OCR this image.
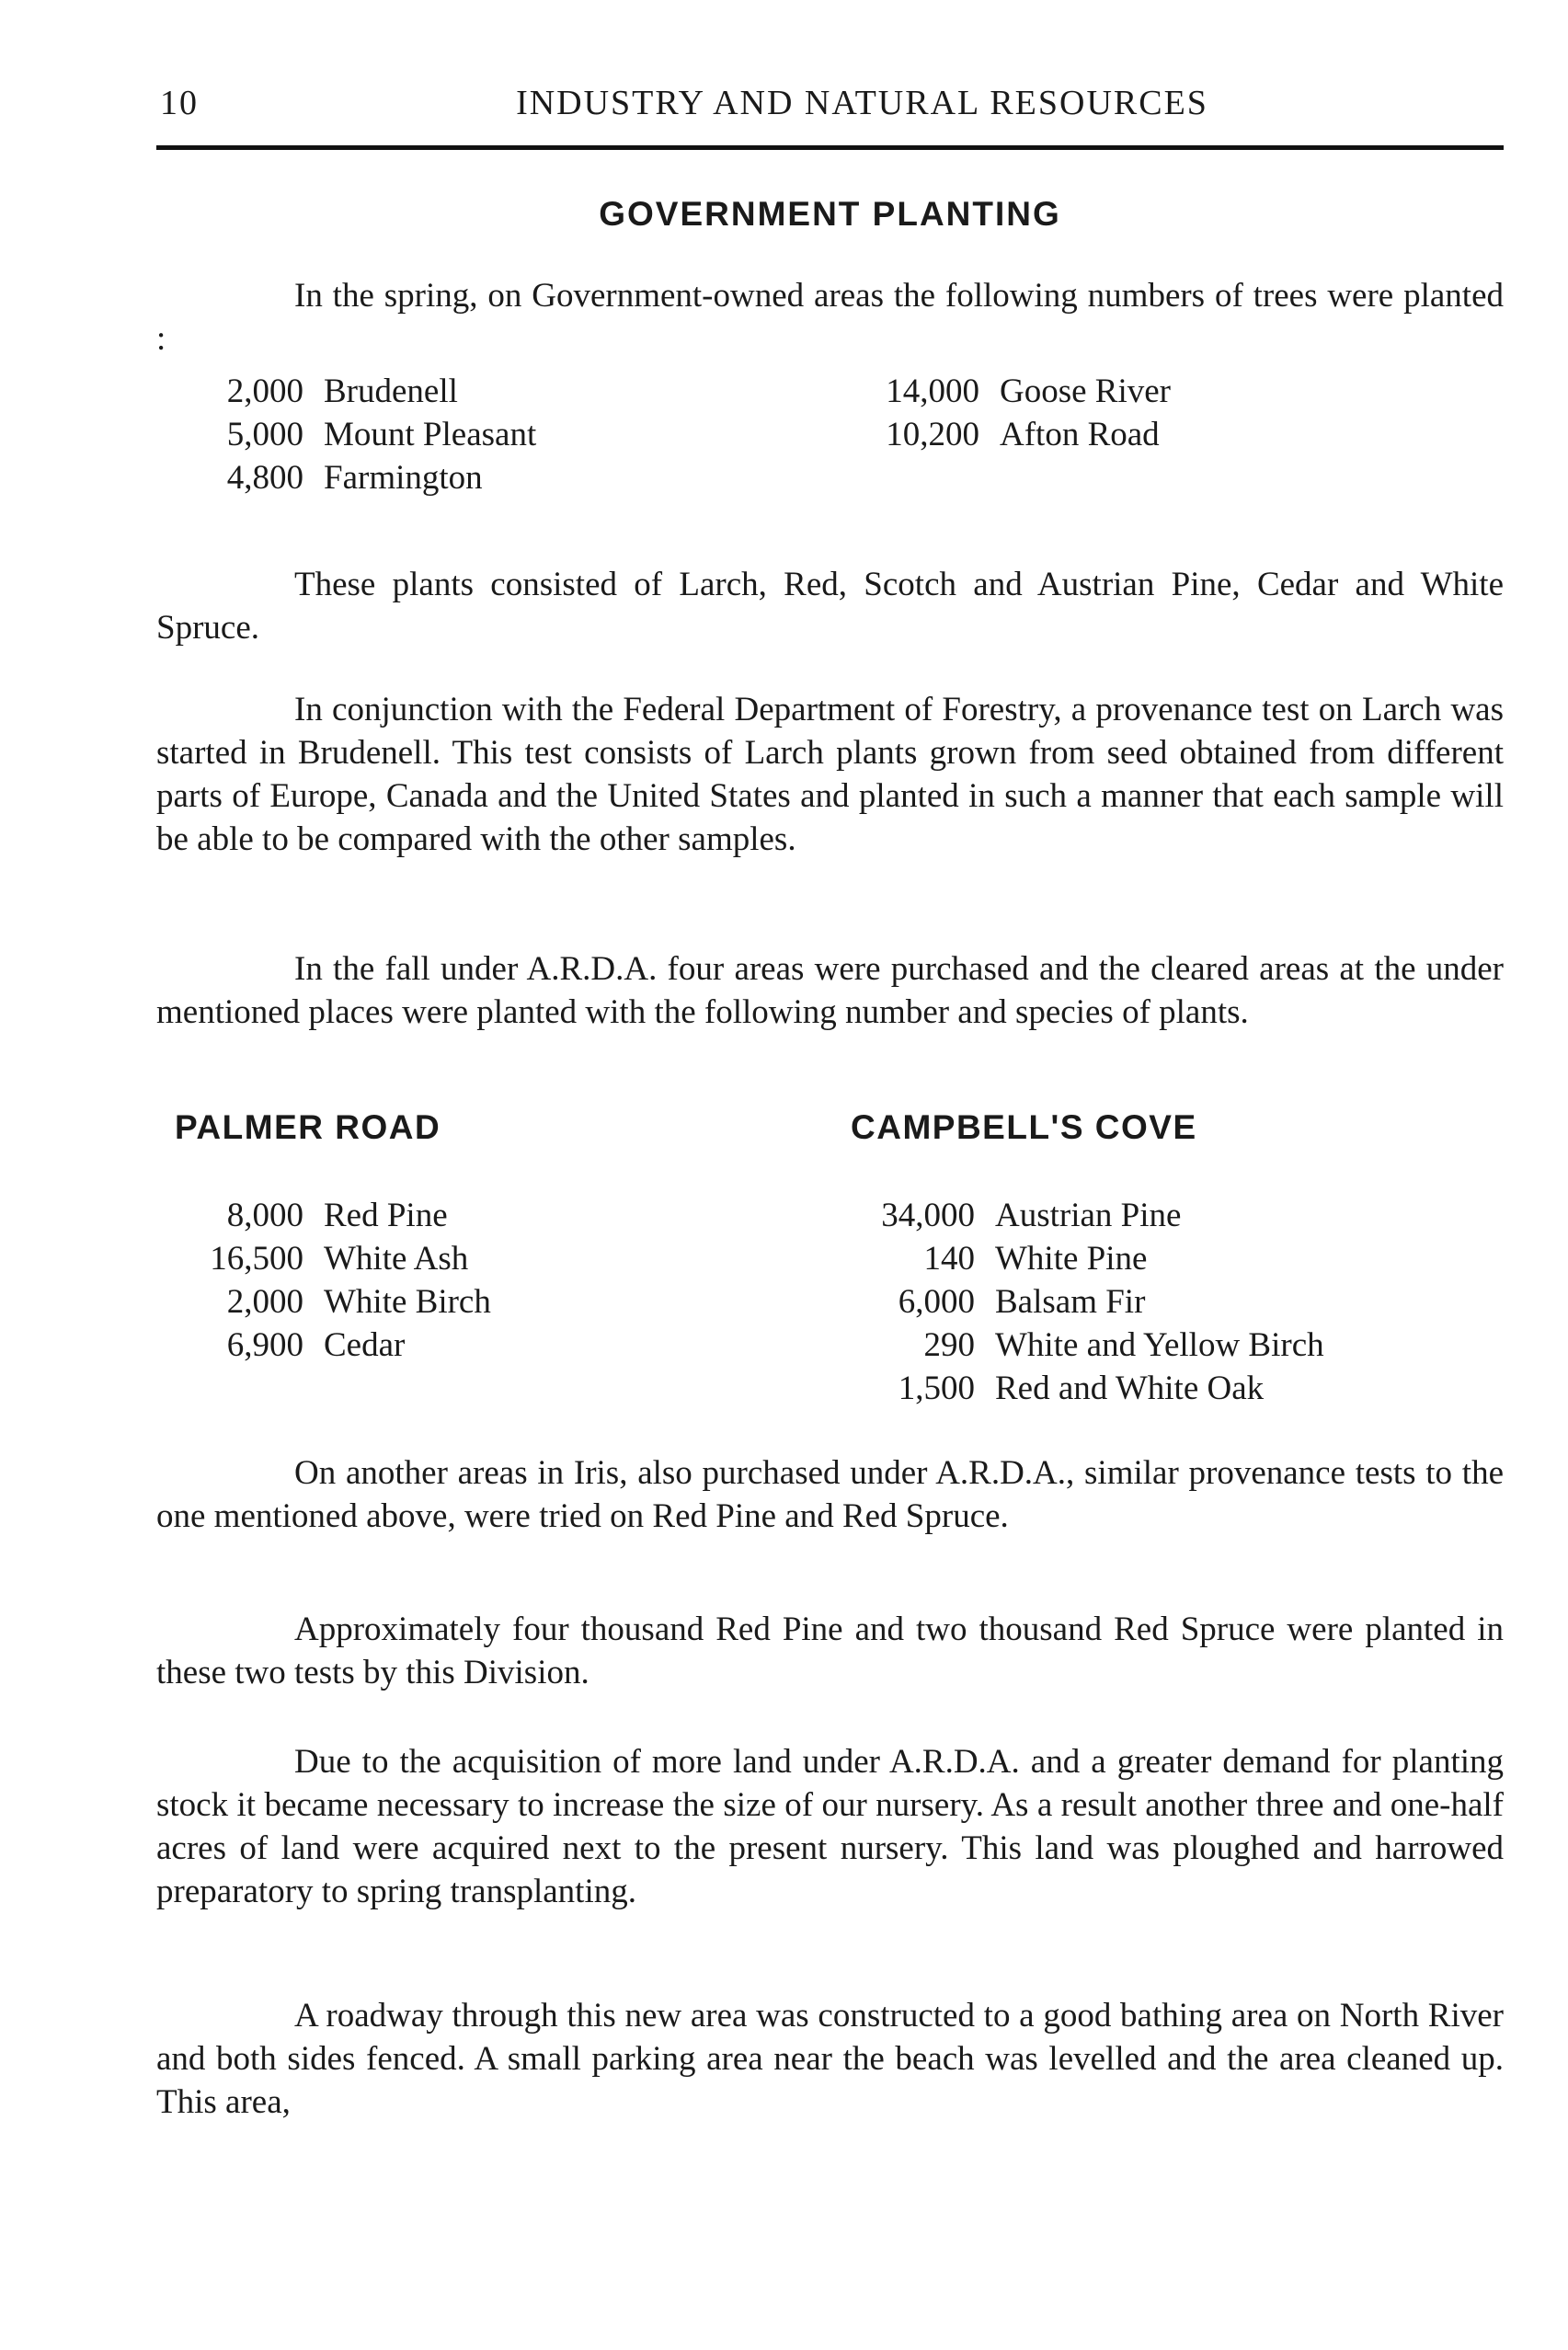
10	INDUSTRY AND NATURAL RESOURCES
GOVERNMENT PLANTING

In the spring, on Government-owned areas the following numbers of trees were planted :

2,000 Brudenell
5,000 Mount Pleasant
4,800 Farmington
14,000 Goose River
10,200 Afton Road

These plants consisted of Larch, Red, Scotch and Austrian Pine, Cedar and White Spruce.

In conjunction with the Federal Department of Forestry, a provenance test on Larch was started in Brudenell. This test consists of Larch plants grown from seed obtained from different parts of Europe, Canada and the United States and planted in such a manner that each sample will be able to be compared with the other samples.

In the fall under A.R.D.A. four areas were purchased and the cleared areas at the under mentioned places were planted with the following number and species of plants.

PALMER ROAD	CAMPBELL'S COVE
8,000 Red Pine
16,500 White Ash
2,000 White Birch
6,900 Cedar
34,000 Austrian Pine
140 White Pine
6,000 Balsam Fir
290 White and Yellow Birch
1,500 Red and White Oak

On another areas in Iris, also purchased under A.R.D.A., similar provenance tests to the one mentioned above, were tried on Red Pine and Red Spruce.

Approximately four thousand Red Pine and two thousand Red Spruce were planted in these two tests by this Division.

Due to the acquisition of more land under A.R.D.A. and a greater demand for planting stock it became necessary to increase the size of our nursery. As a result another three and one-half acres of land were acquired next to the present nursery. This land was ploughed and harrowed preparatory to spring transplanting.

A roadway through this new area was constructed to a good bathing area on North River and both sides fenced. A small parking area near the beach was levelled and the area cleaned up. This area,
